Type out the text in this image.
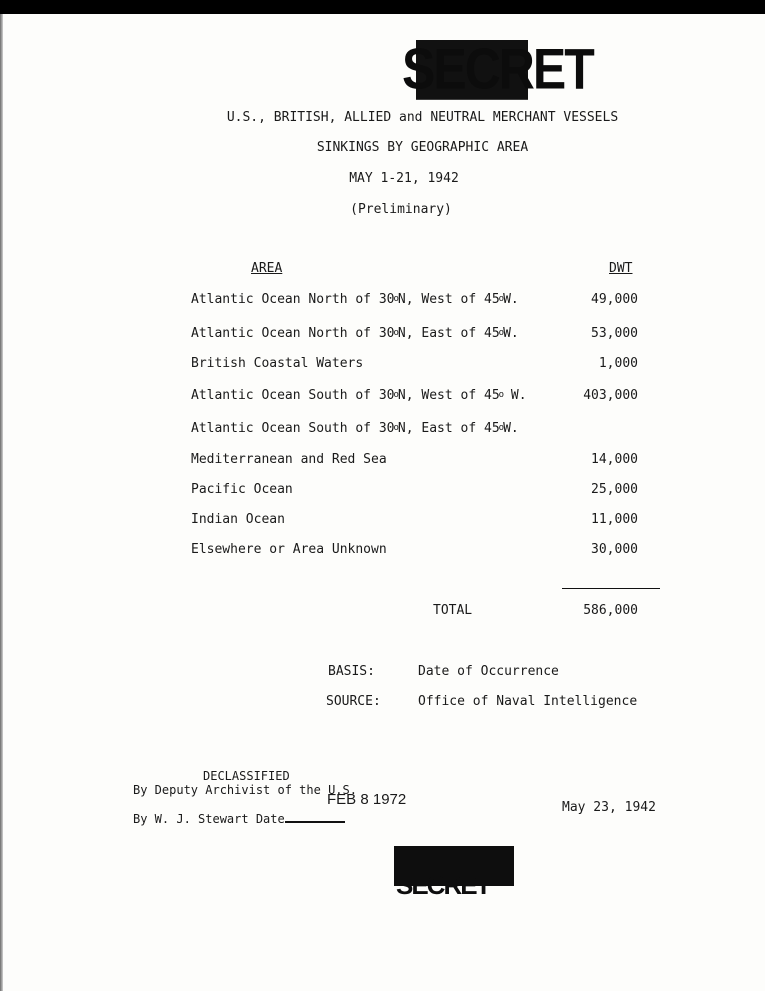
SECRET
U.S., BRITISH, ALLIED and NEUTRAL MERCHANT VESSELS
SINKINGS BY GEOGRAPHIC AREA
MAY 1-21, 1942
(Preliminary)
AREA	DWT
Atlantic Ocean North of 30$^o$N, West of 45$^o$W.	49,000
Atlantic Ocean North of 30$^o$N, East of 45$^o$W.	53,000
British Coastal Waters	1,000
Atlantic Ocean South of 30$^o$N, West of 45$^o$ W.	403,000
Atlantic Ocean South of 30$^o$N, East of 45$^o$W.
Mediterranean and Red Sea	14,000
Pacific Ocean	25,000
Indian Ocean	11,000
Elsewhere or Area Unknown	30,000
TOTAL	586,000
BASIS:	Date of Occurrence
SOURCE:	Office of Naval Intelligence
DECLASSIFIED
By Deputy Archivist of the U.S.
FEB 8 1972
By W. J. Stewart Date
May 23, 1942
SECRET
